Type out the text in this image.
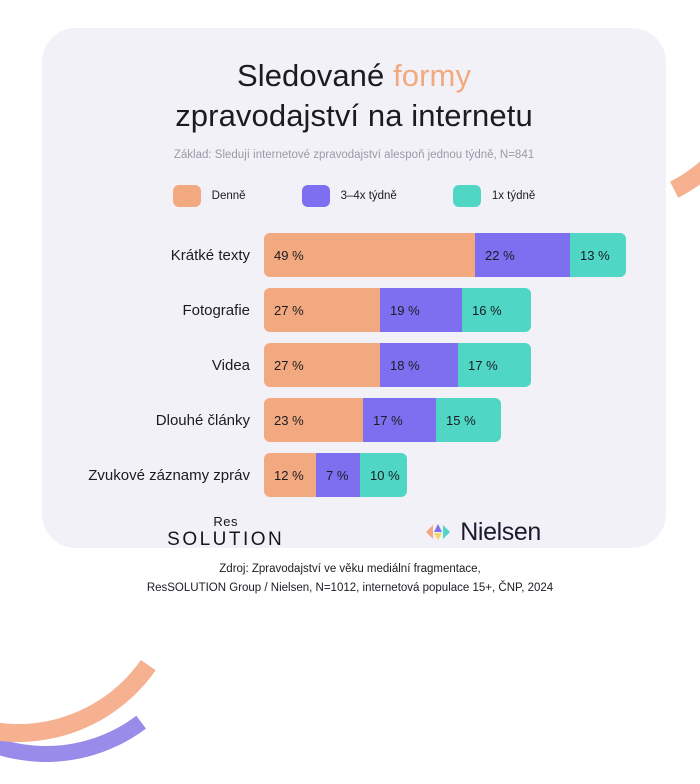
Sledované formy
zpravodajství na internetu

Základ: Sledují internetové zpravodajství alespoň jednou týdně, N=841

Denně	3–4x týdně	1x týdně
Krátké texty	49 %	22 %	13 %
Fotografie	27 %	19 %	16 %
Videa	27 %	18 %	17 %
Dlouhé články	23 %	17 %	15 %
Zvukové záznamy zpráv	12 %	7 %	10 %
Res
SOLUTION	Nielsen
Zdroj: Zpravodajství ve věku mediální fragmentace,
ResSOLUTION Group / Nielsen, N=1012, internetová populace 15+, ČNP, 2024
